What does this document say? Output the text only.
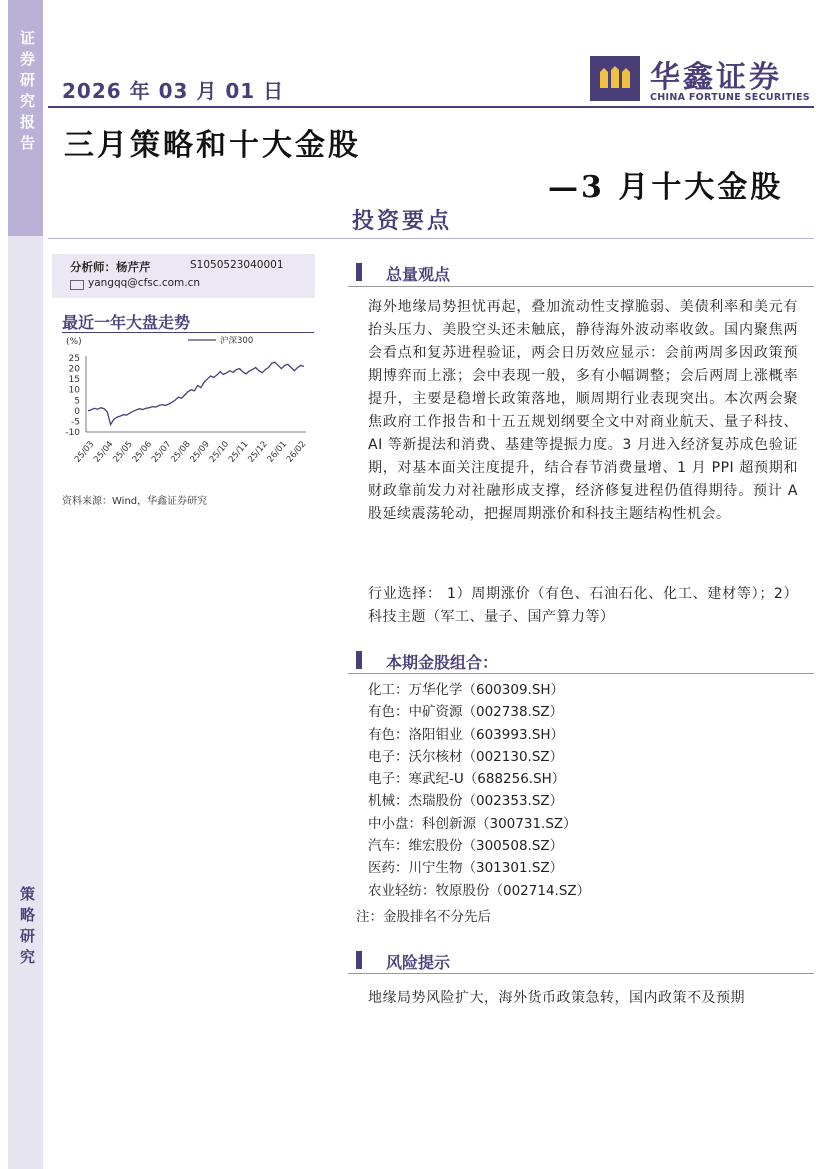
证券研究报告
策略研究
2026 年 03 月 01 日	华鑫证券
CHINA FORTUNE SECURITIES
三月策略和十大金股
—3 月十大金股
投资要点
分析师：杨芹芹	S1050523040001
yangqq@cfsc.com.cn
最近一年大盘走势
(%)
25
20
15
10
5
0
-5
-10
25/03
25/04
25/05
25/06
25/07
25/08
25/09
25/10
25/11
25/12
26/01
26/02
沪深300
资料来源：Wind，华鑫证券研究
总量观点
海外地缘局势担忧再起，叠加流动性支撑脆弱、美债利率和美元有抬头压力、美股空头还未触底，静待海外波动率收敛。国内聚焦两会看点和复苏进程验证，两会日历效应显示：会前两周多因政策预期博弈而上涨；会中表现一般，多有小幅调整；会后两周上涨概率提升，主要是稳增长政策落地，顺周期行业表现突出。本次两会聚焦政府工作报告和十五五规划纲要全文中对商业航天、量子科技、AI 等新提法和消费、基建等提振力度。3 月进入经济复苏成色验证期，对基本面关注度提升，结合春节消费量增、1 月 PPI 超预期和财政靠前发力对社融形成支撑，经济修复进程仍值得期待。预计 A 股延续震荡轮动，把握周期涨价和科技主题结构性机会。
行业选择： 1）周期涨价（有色、石油石化、化工、建材等）；2）科技主题（军工、量子、国产算力等）
本期金股组合：
化工：万华化学（600309.SH）
有色：中矿资源（002738.SZ）
有色：洛阳钼业（603993.SH）
电子：沃尔核材（002130.SZ）
电子：寒武纪-U（688256.SH）
机械：杰瑞股份（002353.SZ）
中小盘：科创新源（300731.SZ）
汽车：维宏股份（300508.SZ）
医药：川宁生物（301301.SZ）
农业轻纺：牧原股份（002714.SZ）
注：金股排名不分先后
风险提示
地缘局势风险扩大，海外货币政策急转，国内政策不及预期
